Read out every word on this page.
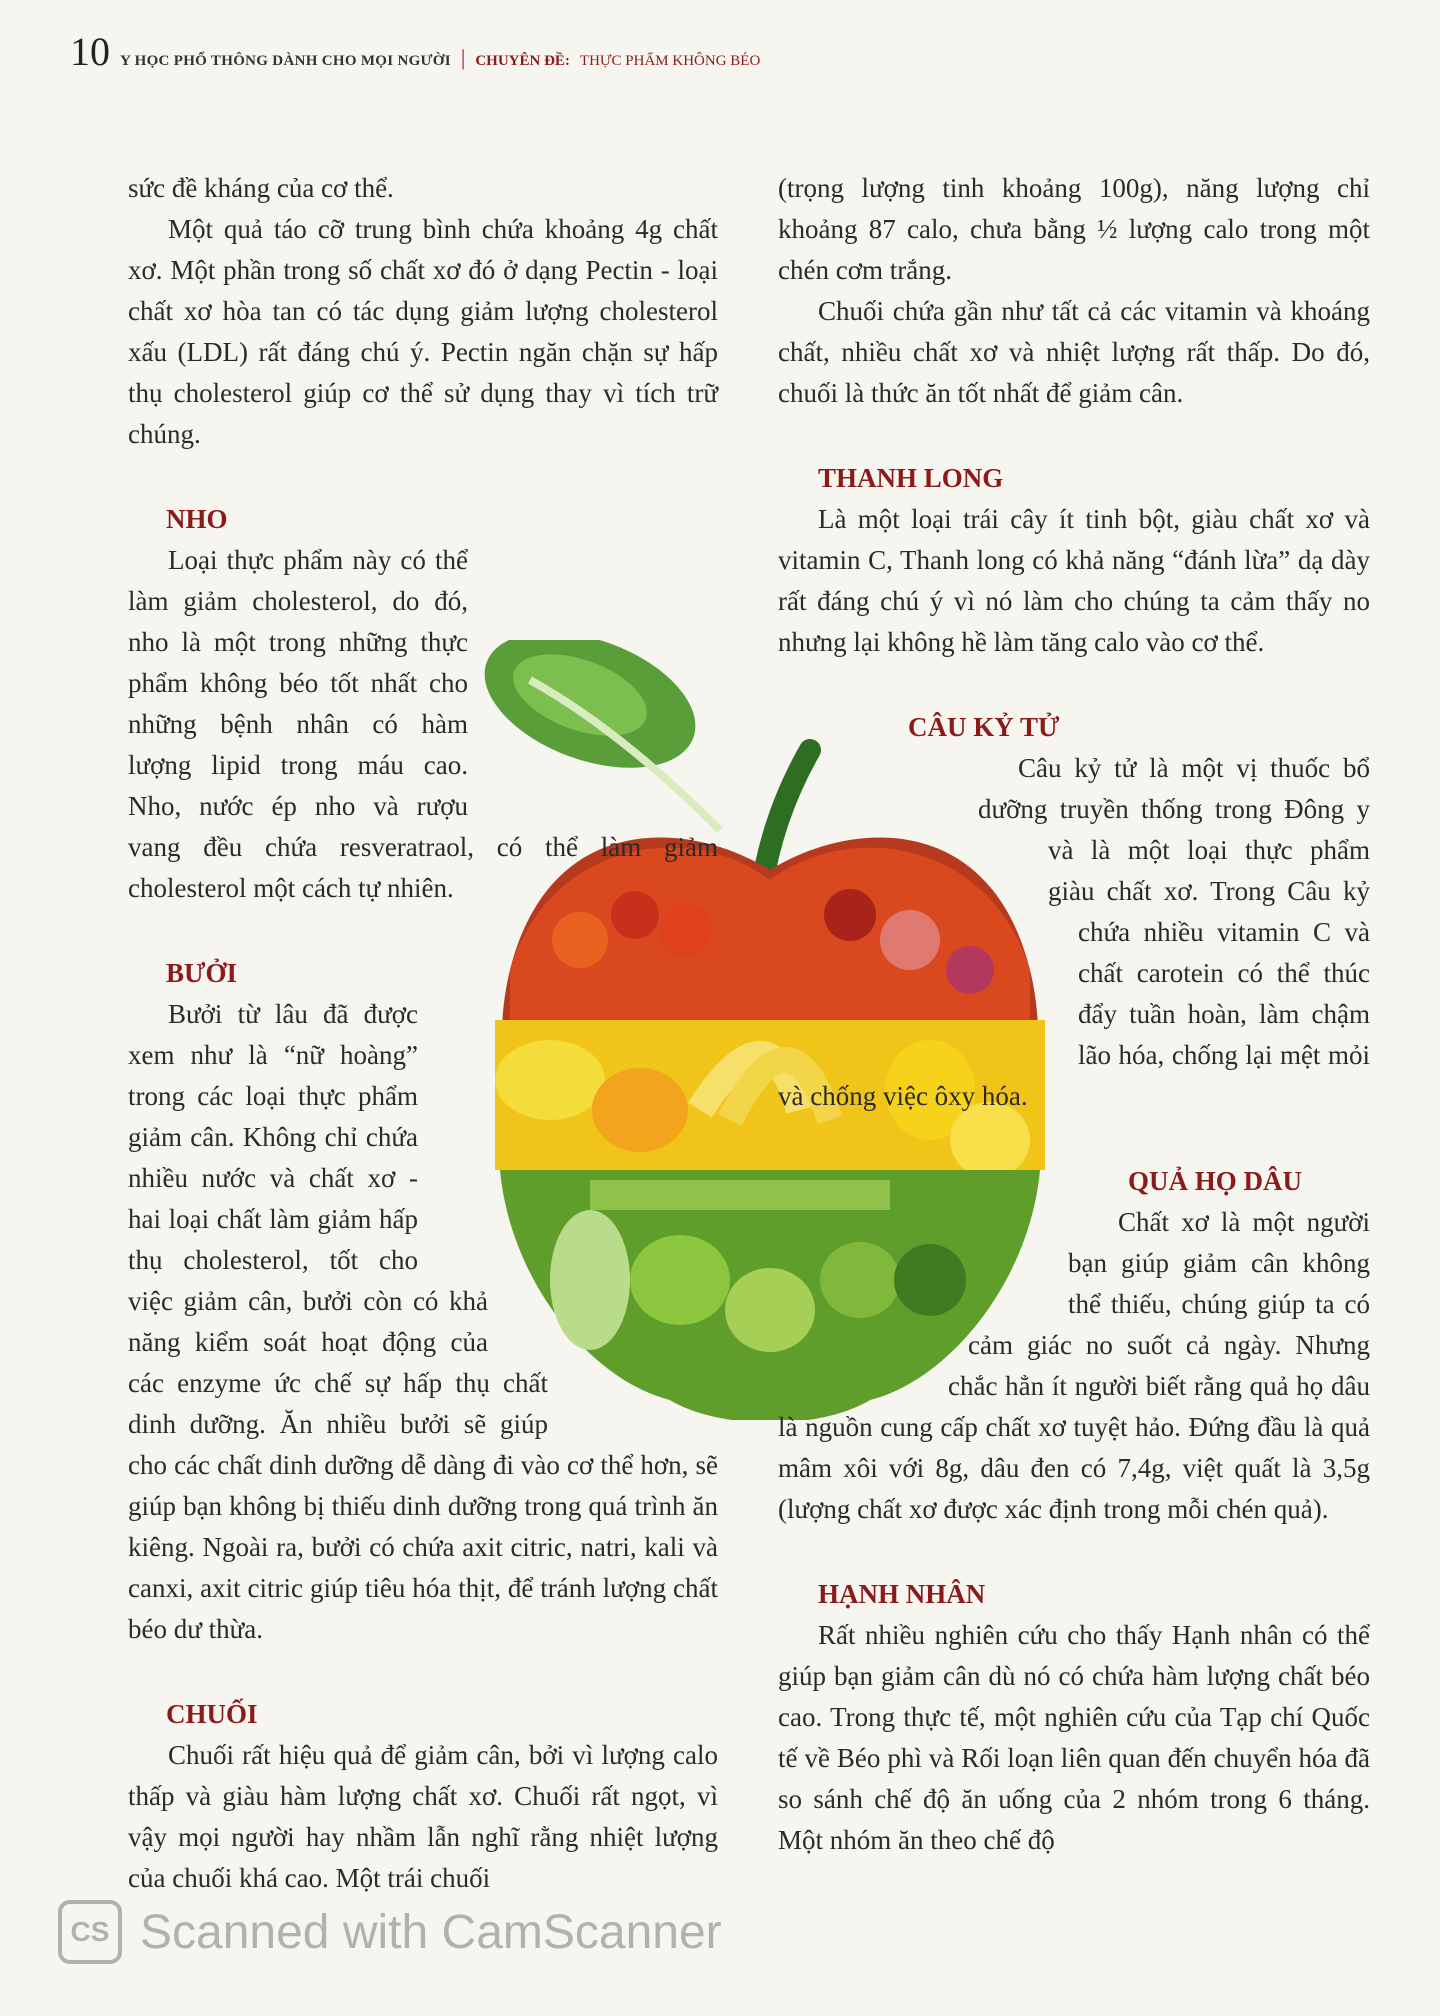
10 Y HỌC PHỔ THÔNG DÀNH CHO MỌI NGƯỜI | CHUYÊN ĐỀ: THỰC PHẨM KHÔNG BÉO

sức đề kháng của cơ thể.

Một quả táo cỡ trung bình chứa khoảng 4g chất xơ. Một phần trong số chất xơ đó ở dạng Pectin - loại chất xơ hòa tan có tác dụng giảm lượng cholesterol xấu (LDL) rất đáng chú ý. Pectin ngăn chặn sự hấp thụ cholesterol giúp cơ thể sử dụng thay vì tích trữ chúng.

NHO

Loại thực phẩm này có thể làm giảm cholesterol, do đó, nho là một trong những thực phẩm không béo tốt nhất cho những bệnh nhân có hàm lượng lipid trong máu cao. Nho, nước ép nho và rượu vang đều chứa resveratraol, có thể làm giảm cholesterol một cách tự nhiên.

BƯỞI

Bưởi từ lâu đã được xem như là “nữ hoàng” trong các loại thực phẩm giảm cân. Không chỉ chứa nhiều nước và chất xơ - hai loại chất làm giảm hấp thụ cholesterol, tốt cho việc giảm cân, bưởi còn có khả năng kiểm soát hoạt động của các enzyme ức chế sự hấp thụ chất dinh dưỡng. Ăn nhiều bưởi sẽ giúp cho các chất dinh dưỡng dễ dàng đi vào cơ thể hơn, sẽ giúp bạn không bị thiếu dinh dưỡng trong quá trình ăn kiêng. Ngoài ra, bưởi có chứa axit citric, natri, kali và canxi, axit citric giúp tiêu hóa thịt, để tránh lượng chất béo dư thừa.

CHUỐI

Chuối rất hiệu quả để giảm cân, bởi vì lượng calo thấp và giàu hàm lượng chất xơ. Chuối rất ngọt, vì vậy mọi người hay nhầm lẫn nghĩ rằng nhiệt lượng của chuối khá cao. Một trái chuối

(trọng lượng tinh khoảng 100g), năng lượng chỉ khoảng 87 calo, chưa bằng ½ lượng calo trong một chén cơm trắng.

Chuối chứa gần như tất cả các vitamin và khoáng chất, nhiều chất xơ và nhiệt lượng rất thấp. Do đó, chuối là thức ăn tốt nhất để giảm cân.

THANH LONG

Là một loại trái cây ít tinh bột, giàu chất xơ và vitamin C, Thanh long có khả năng “đánh lừa” dạ dày rất đáng chú ý vì nó làm cho chúng ta cảm thấy no nhưng lại không hề làm tăng calo vào cơ thể.

CÂU KỶ TỬ

Câu kỷ tử là một vị thuốc bổ dưỡng truyền thống trong Đông y và là một loại thực phẩm giàu chất xơ. Trong Câu kỷ chứa nhiều vitamin C và chất carotein có thể thúc đẩy tuần hoàn, làm chậm lão hóa, chống lại mệt mỏi và chống việc ôxy hóa.

QUẢ HỌ DÂU

Chất xơ là một người bạn giúp giảm cân không thể thiếu, chúng giúp ta có cảm giác no suốt cả ngày. Nhưng chắc hẳn ít người biết rằng quả họ dâu là nguồn cung cấp chất xơ tuyệt hảo. Đứng đầu là quả mâm xôi với 8g, dâu đen có 7,4g, việt quất là 3,5g (lượng chất xơ được xác định trong mỗi chén quả).

HẠNH NHÂN

Rất nhiều nghiên cứu cho thấy Hạnh nhân có thể giúp bạn giảm cân dù nó có chứa hàm lượng chất béo cao. Trong thực tế, một nghiên cứu của Tạp chí Quốc tế về Béo phì và Rối loạn liên quan đến chuyển hóa đã so sánh chế độ ăn uống của 2 nhóm trong 6 tháng. Một nhóm ăn theo chế độ

CS Scanned with CamScanner
